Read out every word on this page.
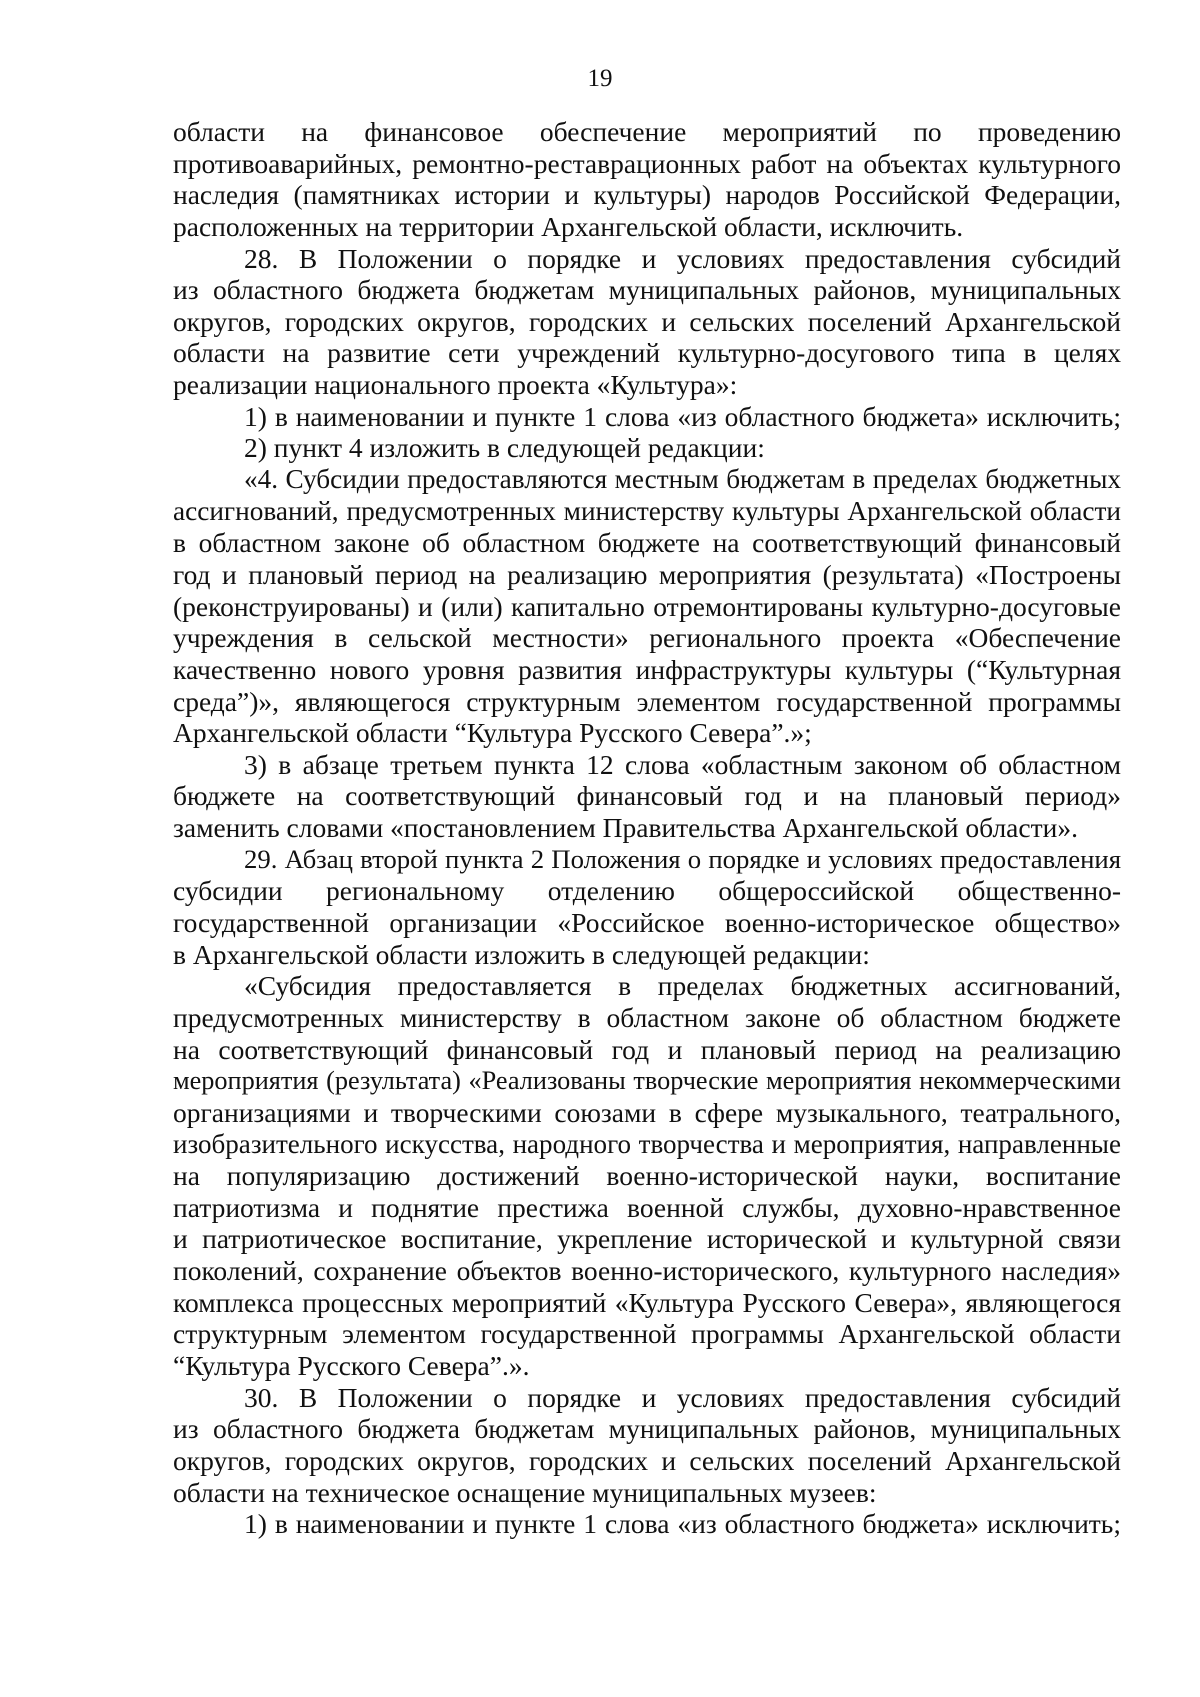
19
области на финансовое обеспечение мероприятий по проведению
противоаварийных, ремонтно-реставрационных работ на объектах культурного
наследия (памятниках истории и культуры) народов Российской Федерации,
расположенных на территории Архангельской области, исключить.
28. В Положении о порядке и условиях предоставления субсидий
из областного бюджета бюджетам муниципальных районов, муниципальных
округов, городских округов, городских и сельских поселений Архангельской
области на развитие сети учреждений культурно-досугового типа в целях
реализации национального проекта «Культура»:
1) в наименовании и пункте 1 слова «из областного бюджета» исключить;
2) пункт 4 изложить в следующей редакции:
«4. Субсидии предоставляются местным бюджетам в пределах бюджетных
ассигнований, предусмотренных министерству культуры Архангельской области
в областном законе об областном бюджете на соответствующий финансовый
год и плановый период на реализацию мероприятия (результата) «Построены
(реконструированы) и (или) капитально отремонтированы культурно-досуговые
учреждения в сельской местности» регионального проекта «Обеспечение
качественно нового уровня развития инфраструктуры культуры (“Культурная
среда”)», являющегося структурным элементом государственной программы
Архангельской области “Культура Русского Севера”.»;
3) в абзаце третьем пункта 12 слова «областным законом об областном
бюджете на соответствующий финансовый год и на плановый период»
заменить словами «постановлением Правительства Архангельской области».
29. Абзац второй пункта 2 Положения о порядке и условиях предоставления
субсидии региональному отделению общероссийской общественно-
государственной организации «Российское военно-историческое общество»
в Архангельской области изложить в следующей редакции:
«Субсидия предоставляется в пределах бюджетных ассигнований,
предусмотренных министерству в областном законе об областном бюджете
на соответствующий финансовый год и плановый период на реализацию
мероприятия (результата) «Реализованы творческие мероприятия некоммерческими
организациями и творческими союзами в сфере музыкального, театрального,
изобразительного искусства, народного творчества и мероприятия, направленные
на популяризацию достижений военно-исторической науки, воспитание
патриотизма и поднятие престижа военной службы, духовно-нравственное
и патриотическое воспитание, укрепление исторической и культурной связи
поколений, сохранение объектов военно-исторического, культурного наследия»
комплекса процессных мероприятий «Культура Русского Севера», являющегося
структурным элементом государственной программы Архангельской области
“Культура Русского Севера”.».
30. В Положении о порядке и условиях предоставления субсидий
из областного бюджета бюджетам муниципальных районов, муниципальных
округов, городских округов, городских и сельских поселений Архангельской
области на техническое оснащение муниципальных музеев:
1) в наименовании и пункте 1 слова «из областного бюджета» исключить;
